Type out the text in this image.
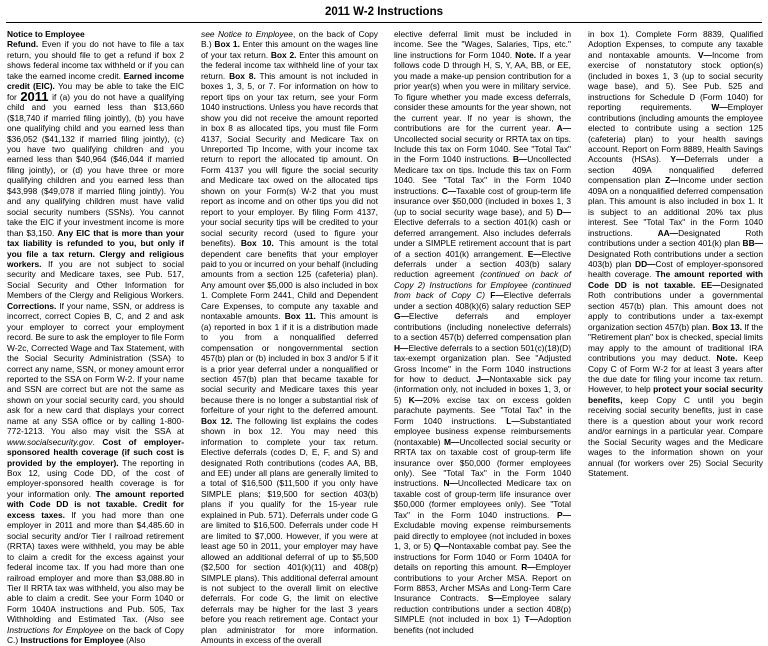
2011 W-2 Instructions

Notice to Employee
Refund. Even if you do not have to file a tax return, you should file to get a refund if box 2 shows federal income tax withheld or if you can take the earned income credit. Earned income credit (EIC). You may be able to take the EIC for 2011 if (a) you do not have a qualifying child and you earned less than $13,660 ($18,740 if married filing jointly), (b) you have one qualifying child and you earned less than $36,052 ($41,132 if married filing jointly), (c) you have two qualifying children and you earned less than $40,964 ($46,044 if married filing jointly), or (d) you have three or more qualifying children and you earned less than $43,998 ($49,078 if married filing jointly). You and any qualifying children must have valid social security numbers (SSNs). You cannot take the EIC if your investment income is more than $3,150. Any EIC that is more than your tax liability is refunded to you, but only if you file a tax return. Clergy and religious workers. If you are not subject to social security and Medicare taxes, see Pub. 517, Social Security and Other Information for Members of the Clergy and Religious Workers. Corrections. If your name, SSN, or address is incorrect, correct Copies B, C, and 2 and ask your employer to correct your employment record. Be sure to ask the employer to file Form W-2c, Corrected Wage and Tax Statement, with the Social Security Administration (SSA) to correct any name, SSN, or money amount error reported to the SSA on Form W-2. If your name and SSN are correct but are not the same as shown on your social security card, you should ask for a new card that displays your correct name at any SSA office or by calling 1-800-772-1213. You also may visit the SSA at www.socialsecurity.gov. Cost of employer-sponsored health coverage (if such cost is provided by the employer). The reporting in Box 12, using Code DD, of the cost of employer-sponsored health coverage is for your information only. The amount reported with Code DD is not taxable. Credit for excess taxes. If you had more than one employer in 2011 and more than $4,485.60 in social security and/or Tier I railroad retirement (RRTA) taxes were withheld, you may be able to claim a credit for the excess against your federal income tax. If you had more than one railroad employer and more than $3,088.80 in Tier II RRTA tax was withheld, you also may be able to claim a credit. See your Form 1040 or Form 1040A instructions and Pub. 505, Tax Withholding and Estimated Tax. (Also see Instructions for Employee on the back of Copy C.) Instructions for Employee (Also

see Notice to Employee, on the back of Copy B.) Box 1. Enter this amount on the wages line of your tax return. Box 2. Enter this amount on the federal income tax withheld line of your tax return. Box 8. This amount is not included in boxes 1, 3, 5, or 7. For information on how to report tips on your tax return, see your Form 1040 instructions. Unless you have records that show you did not receive the amount reported in box 8 as allocated tips, you must file Form 4137, Social Security and Medicare Tax on Unreported Tip Income, with your income tax return to report the allocated tip amount. On Form 4137 you will figure the social security and Medicare tax owed on the allocated tips shown on your Form(s) W-2 that you must report as income and on other tips you did not report to your employer. By filing Form 4137, your social security tips will be credited to your social security record (used to figure your benefits). Box 10. This amount is the total dependent care benefits that your employer paid to you or incurred on your behalf (including amounts from a section 125 (cafeteria) plan). Any amount over $5,000 is also included in box 1. Complete Form 2441, Child and Dependent Care Expenses, to compute any taxable and nontaxable amounts. Box 11. This amount is (a) reported in box 1 if it is a distribution made to you from a nonqualified deferred compensation or nongovernmental section 457(b) plan or (b) included in box 3 and/or 5 if it is a prior year deferral under a nonqualified or section 457(b) plan that became taxable for social security and Medicare taxes this year because there is no longer a substantial risk of forfeiture of your right to the deferred amount. Box 12. The following list explains the codes shown in box 12. You may need this information to complete your tax return. Elective deferrals (codes D, E, F, and S) and designated Roth contributions (codes AA, BB, and EE) under all plans are generally limited to a total of $16,500 ($11,500 if you only have SIMPLE plans; $19,500 for section 403(b) plans if you qualify for the 15-year rule explained in Pub. 571). Deferrals under code G are limited to $16,500. Deferrals under code H are limited to $7,000. However, if you were at least age 50 in 2011, your employer may have allowed an additional deferral of up to $5,500 ($2,500 for section 401(k)(11) and 408(p) SIMPLE plans). This additional deferral amount is not subject to the overall limit on elective deferrals. For code G, the limit on elective deferrals may be higher for the last 3 years before you reach retirement age. Contact your plan administrator for more information. Amounts in excess of the overall

elective deferral limit must be included in income. See the "Wages, Salaries, Tips, etc." line instructions for Form 1040. Note. If a year follows code D through H, S, Y, AA, BB, or EE, you made a make-up pension contribution for a prior year(s) when you were in military service. To figure whether you made excess deferrals, consider these amounts for the year shown, not the current year. If no year is shown, the contributions are for the current year. A—Uncollected social security or RRTA tax on tips. Include this tax on Form 1040. See "Total Tax" in the Form 1040 instructions. B—Uncollected Medicare tax on tips. Include this tax on Form 1040. See "Total Tax" in the Form 1040 instructions. C—Taxable cost of group-term life insurance over $50,000 (included in boxes 1, 3 (up to social security wage base), and 5) D—Elective deferrals to a section 401(k) cash or deferred arrangement. Also includes deferrals under a SIMPLE retirement account that is part of a section 401(k) arrangement. E—Elective deferrals under a section 403(b) salary reduction agreement (continued on back of Copy 2) Instructions for Employee (continued from back of Copy C) F—Elective deferrals under a section 408(k)(6) salary reduction SEP G—Elective deferrals and employer contributions (including nonelective deferrals) to a section 457(b) deferred compensation plan H—Elective deferrals to a section 501(c)(18)(D) tax-exempt organization plan. See "Adjusted Gross Income" in the Form 1040 instructions for how to deduct. J—Nontaxable sick pay (information only, not included in boxes 1, 3, or 5) K—20% excise tax on excess golden parachute payments. See "Total Tax" in the Form 1040 instructions. L—Substantiated employee business expense reimbursements (nontaxable) M—Uncollected social security or RRTA tax on taxable cost of group-term life insurance over $50,000 (former employees only). See "Total Tax" in the Form 1040 instructions. N—Uncollected Medicare tax on taxable cost of group-term life insurance over $50,000 (former employees only). See "Total Tax" in the Form 1040 instructions. P—Excludable moving expense reimbursements paid directly to employee (not included in boxes 1, 3, or 5) Q—Nontaxable combat pay. See the instructions for Form 1040 or Form 1040A for details on reporting this amount. R—Employer contributions to your Archer MSA. Report on Form 8853, Archer MSAs and Long-Term Care Insurance Contracts. S—Employee salary reduction contributions under a section 408(p) SIMPLE (not included in box 1) T—Adoption benefits (not included

in box 1). Complete Form 8839, Qualified Adoption Expenses, to compute any taxable and nontaxable amounts. V—Income from exercise of nonstatutory stock option(s) (included in boxes 1, 3 (up to social security wage base), and 5). See Pub. 525 and instructions for Schedule D (Form 1040) for reporting requirements. W—Employer contributions (including amounts the employee elected to contribute using a section 125 (cafeteria) plan) to your health savings account. Report on Form 8889, Health Savings Accounts (HSAs). Y—Deferrals under a section 409A nonqualified deferred compensation plan Z—Income under section 409A on a nonqualified deferred compensation plan. This amount is also included in box 1. It is subject to an additional 20% tax plus interest. See "Total Tax" in the Form 1040 instructions.	AA—Designated Roth contributions under a section 401(k) plan BB—Designated Roth contributions under a section 403(b) plan DD—Cost of employer-sponsored health coverage. The amount reported with Code DD is not taxable. EE—Designated Roth contributions under a governmental section 457(b) plan. This amount does not apply to contributions under a tax-exempt organization section 457(b) plan. Box 13. If the "Retirement plan" box is checked, special limits may apply to the amount of traditional IRA contributions you may deduct. Note. Keep Copy C of Form W-2 for at least 3 years after the due date for filing your income tax return. However, to help protect your social security benefits, keep Copy C until you begin receiving social security benefits, just in case there is a question about your work record and/or earnings in a particular year. Compare the Social Security wages and the Medicare wages to the information shown on your annual (for workers over 25) Social Security Statement.
